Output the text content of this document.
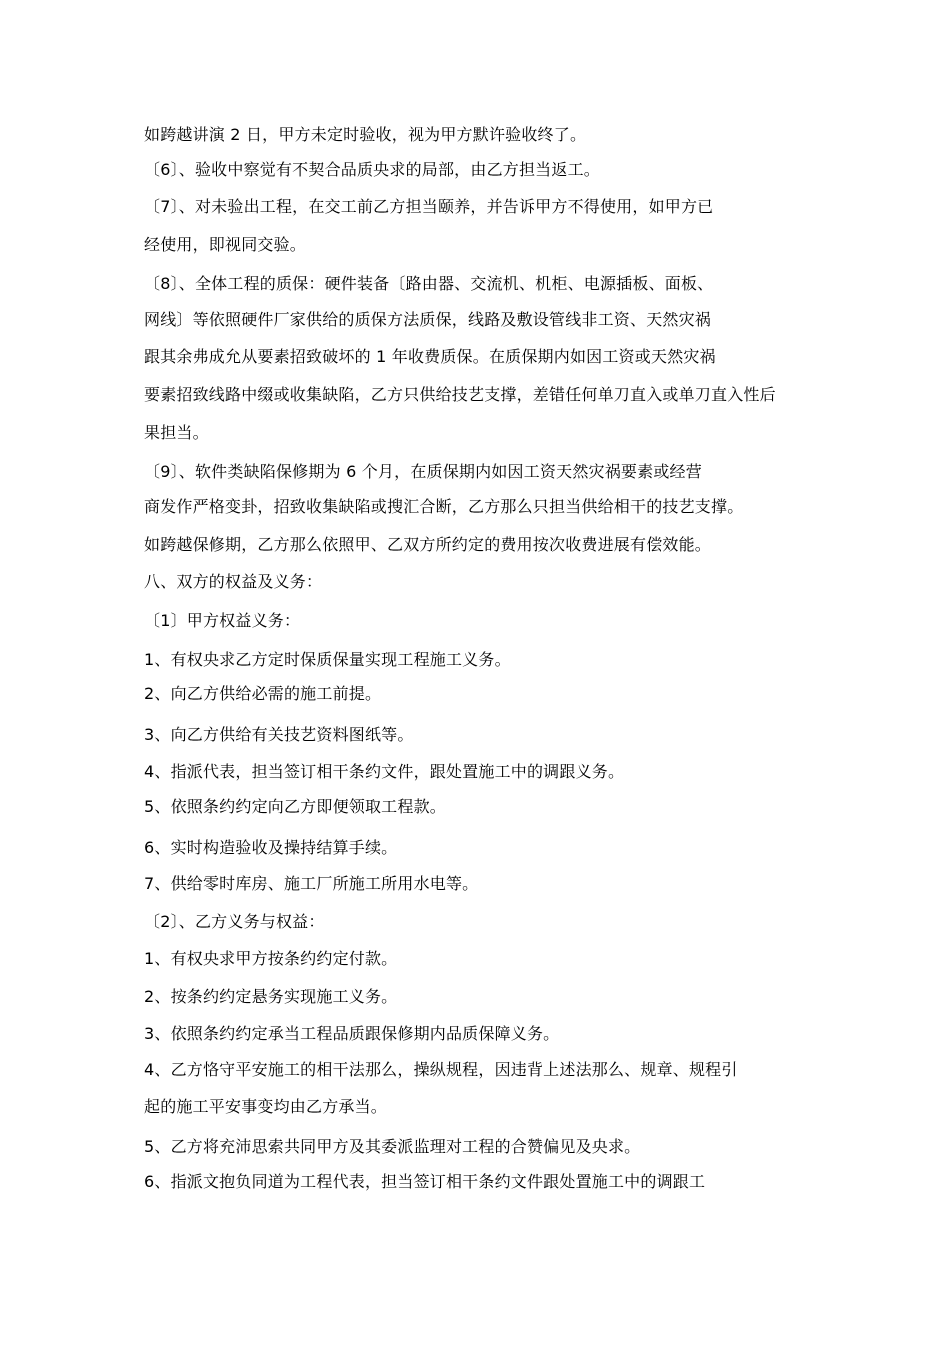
如跨越讲演 2 日，甲方未定时验收，视为甲方默许验收终了。
〔6〕、验收中察觉有不契合品质央求的局部，由乙方担当返工。
〔7〕、对未验出工程，在交工前乙方担当颐养，并告诉甲方不得使用，如甲方已
经使用，即视同交验。
〔8〕、全体工程的质保：硬件装备〔路由器、交流机、机柜、电源插板、面板、
网线〕等依照硬件厂家供给的质保方法质保，线路及敷设管线非工资、天然灾祸
跟其余弗成允从要素招致破坏的 1 年收费质保。在质保期内如因工资或天然灾祸
要素招致线路中缀或收集缺陷，乙方只供给技艺支撑，差错任何单刀直入或单刀直入性后
果担当。
〔9〕、软件类缺陷保修期为 6 个月，在质保期内如因工资天然灾祸要素或经营
商发作严格变卦，招致收集缺陷或搜汇合断，乙方那么只担当供给相干的技艺支撑。
如跨越保修期，乙方那么依照甲、乙双方所约定的费用按次收费进展有偿效能。
八、双方的权益及义务：
〔1〕甲方权益义务：
1、有权央求乙方定时保质保量实现工程施工义务。
2、向乙方供给必需的施工前提。
3、向乙方供给有关技艺资料图纸等。
4、指派代表，担当签订相干条约文件，跟处置施工中的调跟义务。
5、依照条约约定向乙方即便领取工程款。
6、实时构造验收及操持结算手续。
7、供给零时库房、施工厂所施工所用水电等。
〔2〕、乙方义务与权益：
1、有权央求甲方按条约约定付款。
2、按条约约定悬务实现施工义务。
3、依照条约约定承当工程品质跟保修期内品质保障义务。
4、乙方恪守平安施工的相干法那么，操纵规程，因违背上述法那么、规章、规程引
起的施工平安事变均由乙方承当。
5、乙方将充沛思索共同甲方及其委派监理对工程的合赞偏见及央求。
6、指派文抱负同道为工程代表，担当签订相干条约文件跟处置施工中的调跟工
